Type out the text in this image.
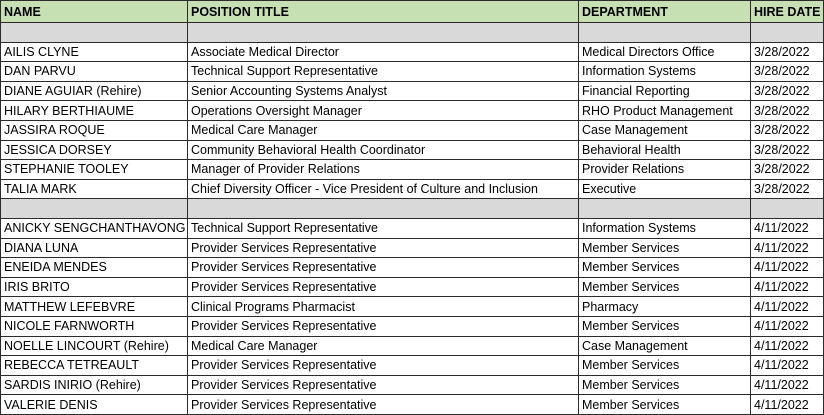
NAME	POSITION TITLE	DEPARTMENT	HIRE DATE

AILIS CLYNE	Associate Medical Director	Medical Directors Office	3/28/2022
DAN PARVU	Technical Support Representative	Information Systems	3/28/2022
DIANE AGUIAR (Rehire)	Senior Accounting Systems Analyst	Financial Reporting	3/28/2022
HILARY BERTHIAUME	Operations Oversight Manager	RHO Product Management	3/28/2022
JASSIRA ROQUE	Medical Care Manager	Case Management	3/28/2022
JESSICA DORSEY	Community Behavioral Health Coordinator	Behavioral Health	3/28/2022
STEPHANIE TOOLEY	Manager of Provider Relations	Provider Relations	3/28/2022
TALIA MARK	Chief Diversity Officer - Vice President of Culture and Inclusion	Executive	3/28/2022

ANICKY SENGCHANTHAVONG	Technical Support Representative	Information Systems	4/11/2022
DIANA LUNA	Provider Services Representative	Member Services	4/11/2022
ENEIDA MENDES	Provider Services Representative	Member Services	4/11/2022
IRIS BRITO	Provider Services Representative	Member Services	4/11/2022
MATTHEW LEFEBVRE	Clinical Programs Pharmacist	Pharmacy	4/11/2022
NICOLE FARNWORTH	Provider Services Representative	Member Services	4/11/2022
NOELLE LINCOURT (Rehire)	Medical Care Manager	Case Management	4/11/2022
REBECCA TETREAULT	Provider Services Representative	Member Services	4/11/2022
SARDIS INIRIO (Rehire)	Provider Services Representative	Member Services	4/11/2022
VALERIE DENIS	Provider Services Representative	Member Services	4/11/2022
